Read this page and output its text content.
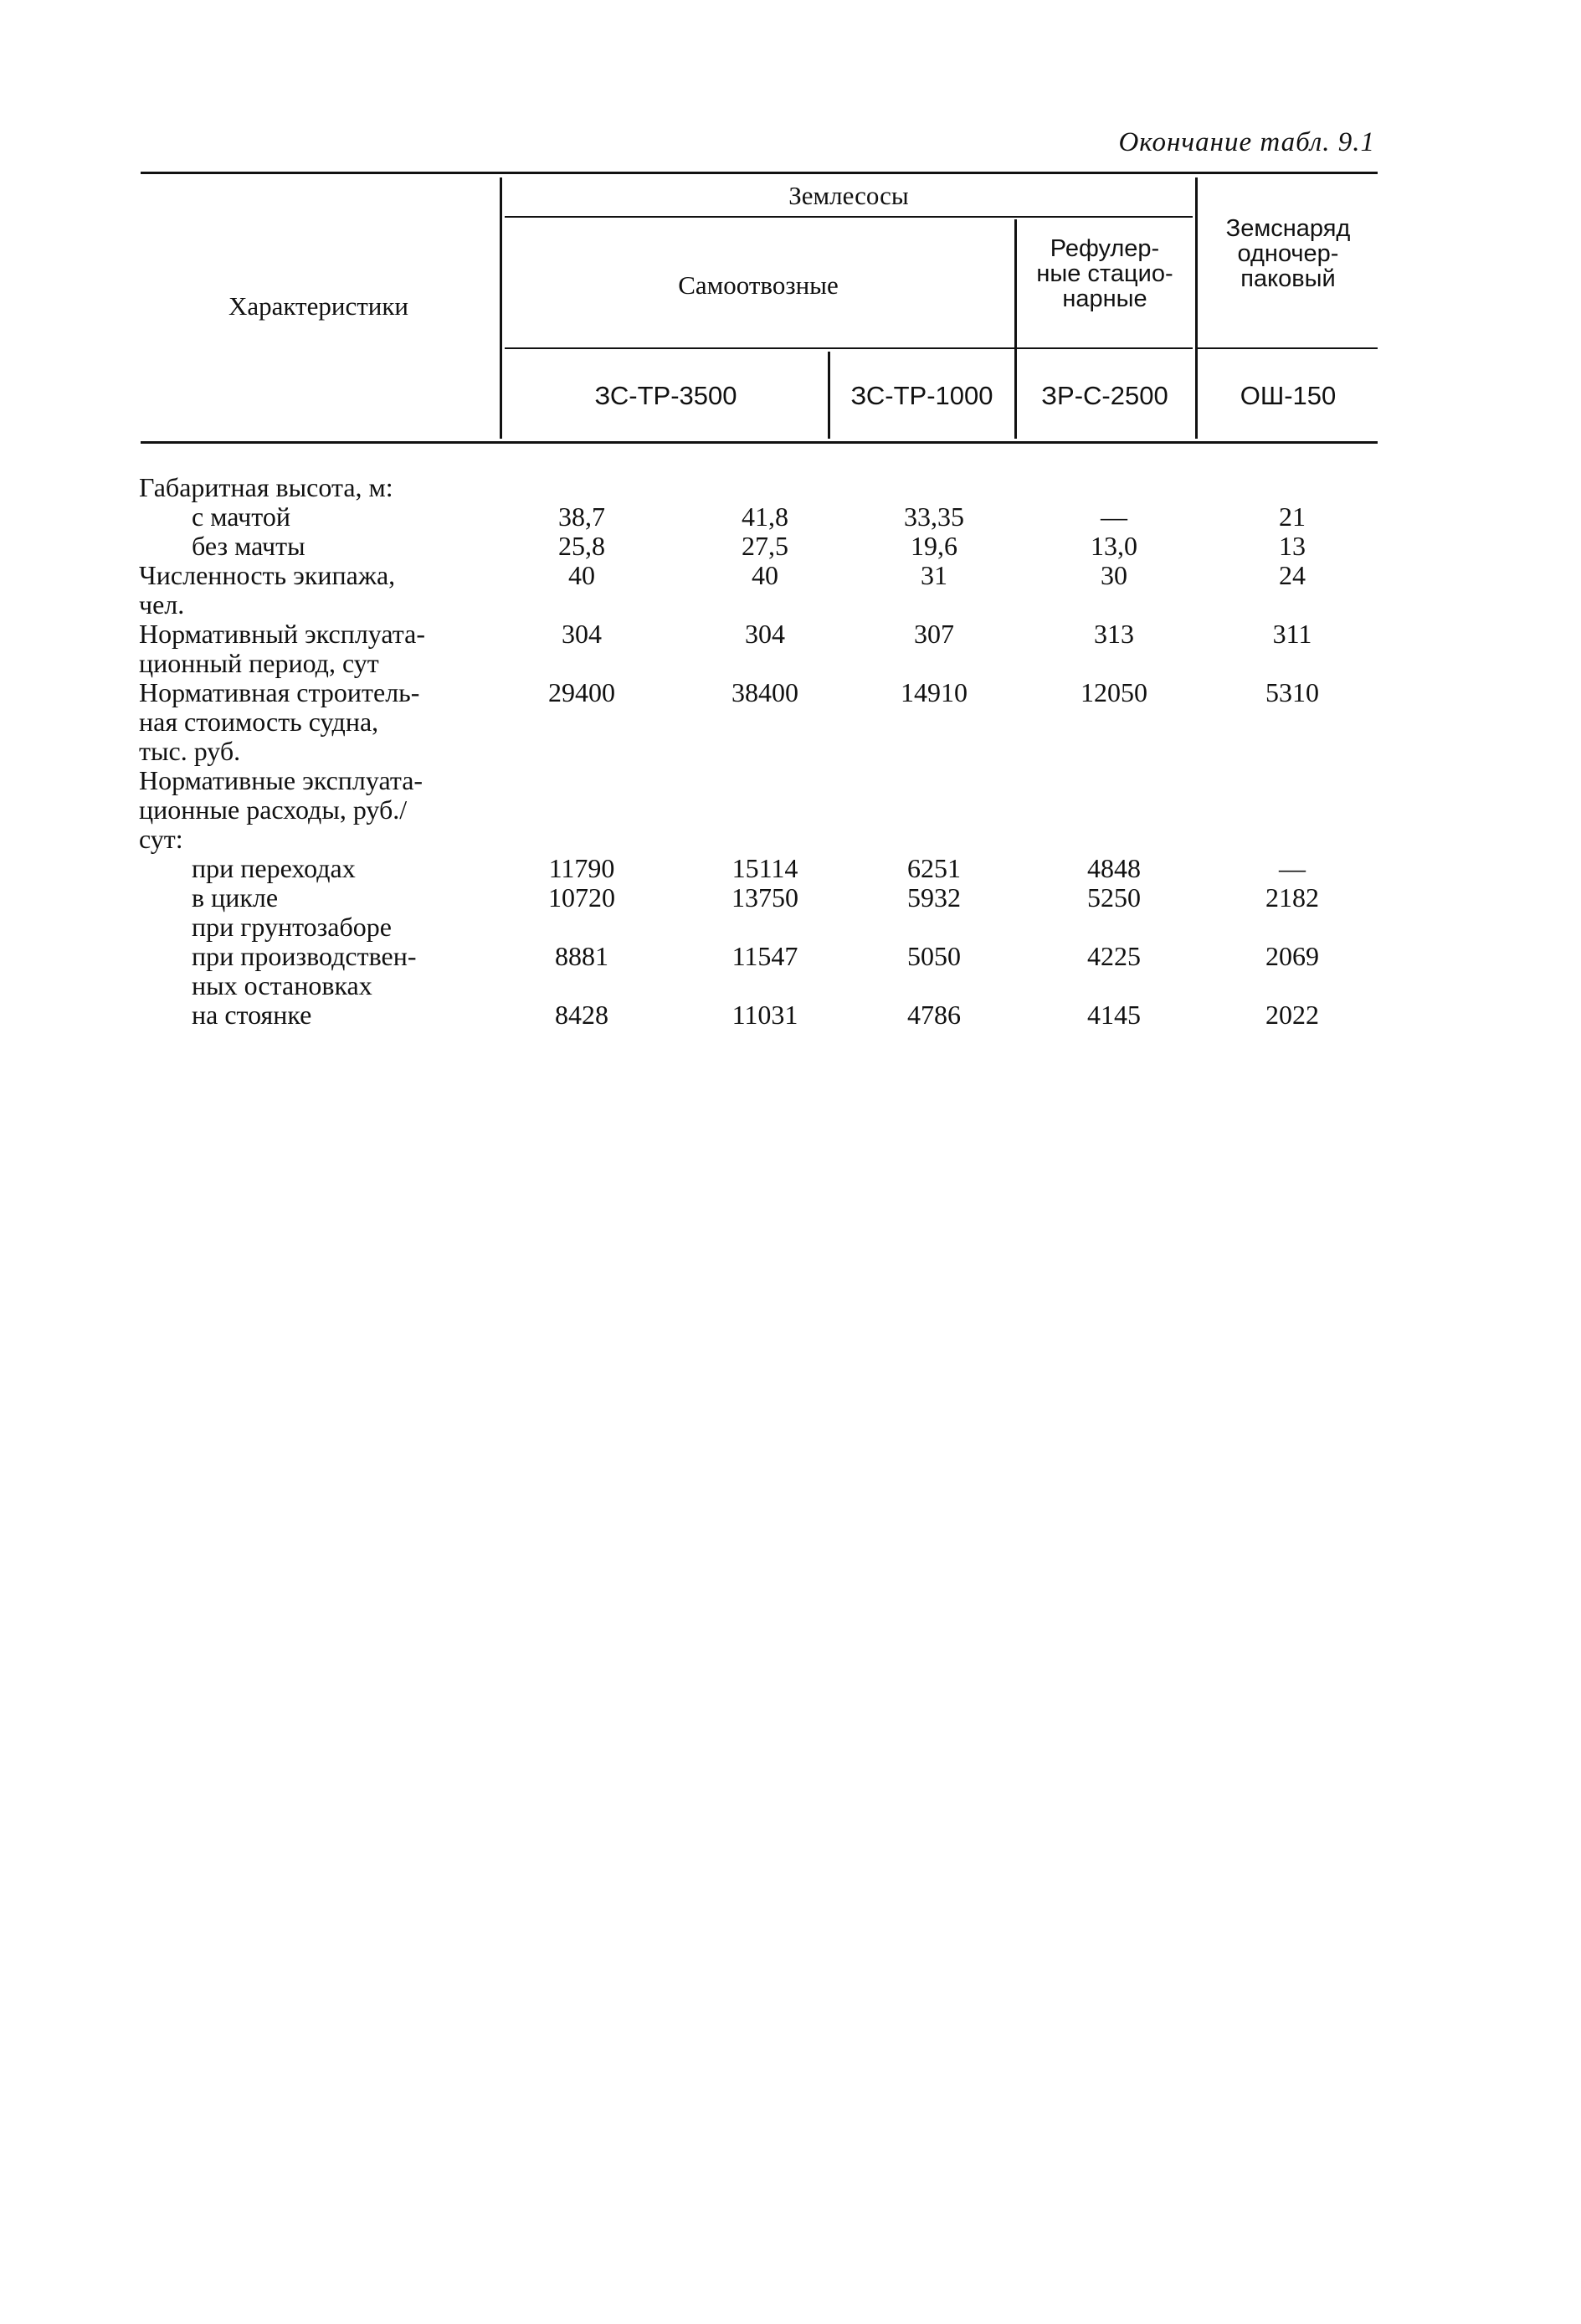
Окончание табл. 9.1
Характеристики
Землесосы
Самоотвозные
Рефулер-
ные стацио-
нарные
Земснаряд
одночер-
паковый
ЗС-ТР-3500	ЗС-ТР-1000	ЗР-С-2500	ОШ-150
Габаритная высота, м:
с мачтой	38,7	41,8	33,35	—	21
без мачты	25,8	27,5	19,6	13,0	13
Численность экипажа,	40	40	31	30	24
чел.
Нормативный эксплуата-	304	304	307	313	311
ционный период, сут
Нормативная строитель-	29400	38400	14910	12050	5310
ная стоимость судна,
тыс. руб.
Нормативные эксплуата-
ционные расходы, руб./
сут:
при переходах	11790	15114	6251	4848	—
в цикле	10720	13750	5932	5250	2182
при грунтозаборе
при производствен-	8881	11547	5050	4225	2069
ных остановках
на стоянке	8428	11031	4786	4145	2022
